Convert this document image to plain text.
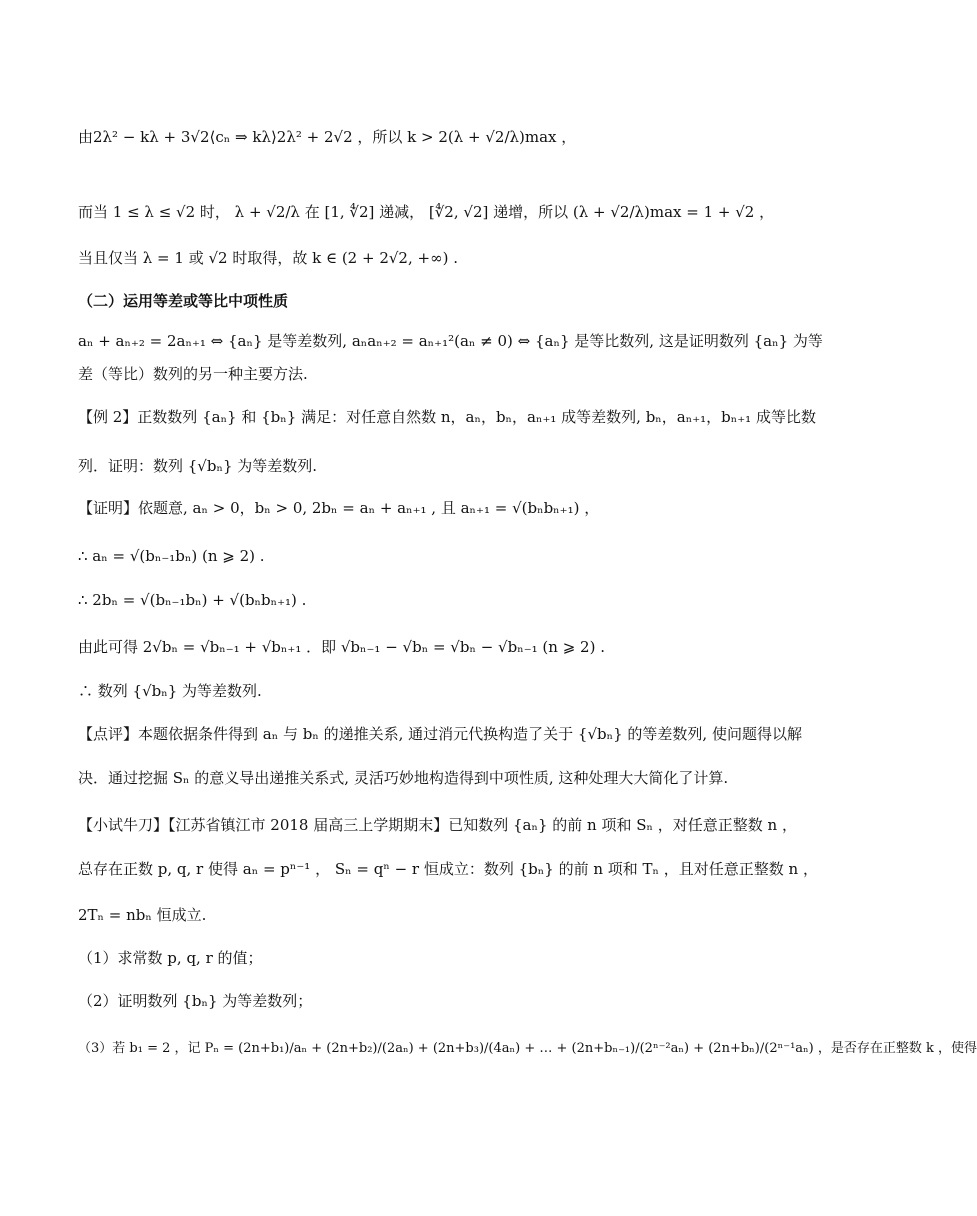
由2λ² − kλ + 3√2⟨cₙ ⇒ kλ⟩2λ² + 2√2 ，所以 k > 2(λ + √2/λ)max ，
而当 1 ≤ λ ≤ √2 时， λ + √2/λ 在 [1, ∜2] 递减， [∜2, √2] 递增，所以 (λ + √2/λ)max = 1 + √2 ，
当且仅当 λ = 1 或 √2 时取得，故 k ∈ (2 + 2√2, +∞) .
（二）运用等差或等比中项性质
aₙ + aₙ₊₂ = 2aₙ₊₁ ⇔ {aₙ} 是等差数列, aₙaₙ₊₂ = aₙ₊₁²(aₙ ≠ 0) ⇔ {aₙ} 是等比数列, 这是证明数列 {aₙ} 为等
差（等比）数列的另一种主要方法.
【例 2】正数数列 {aₙ} 和 {bₙ} 满足：对任意自然数 n，aₙ，bₙ，aₙ₊₁ 成等差数列, bₙ，aₙ₊₁，bₙ₊₁ 成等比数
列．证明：数列 {√bₙ} 为等差数列.
【证明】依题意, aₙ > 0，bₙ > 0, 2bₙ = aₙ + aₙ₊₁ , 且 aₙ₊₁ = √(bₙbₙ₊₁) ，
∴ aₙ = √(bₙ₋₁bₙ) (n ⩾ 2) .
∴ 2bₙ = √(bₙ₋₁bₙ) + √(bₙbₙ₊₁) .
由此可得 2√bₙ = √bₙ₋₁ + √bₙ₊₁ ．即 √bₙ₋₁ − √bₙ = √bₙ − √bₙ₋₁ (n ⩾ 2) .
∴ 数列 {√bₙ} 为等差数列.
【点评】本题依据条件得到 aₙ 与 bₙ 的递推关系, 通过消元代换构造了关于 {√bₙ} 的等差数列, 使问题得以解
决．通过挖掘 Sₙ 的意义导出递推关系式, 灵活巧妙地构造得到中项性质, 这种处理大大简化了计算.
【小试牛刀】【江苏省镇江市 2018 届高三上学期期末】已知数列 {aₙ} 的前 n 项和 Sₙ ，对任意正整数 n ，
总存在正数 p, q, r 使得 aₙ = pⁿ⁻¹ ， Sₙ = qⁿ − r 恒成立：数列 {bₙ} 的前 n 项和 Tₙ ，且对任意正整数 n ，
2Tₙ = nbₙ 恒成立.
（1）求常数 p, q, r 的值；
（2）证明数列 {bₙ} 为等差数列；
（3）若 b₁ = 2 ，记 Pₙ = (2n+b₁)/aₙ + (2n+b₂)/(2aₙ) + (2n+b₃)/(4aₙ) + … + (2n+bₙ₋₁)/(2ⁿ⁻²aₙ) + (2n+bₙ)/(2ⁿ⁻¹aₙ) ，是否存在正整数 k ，使得
